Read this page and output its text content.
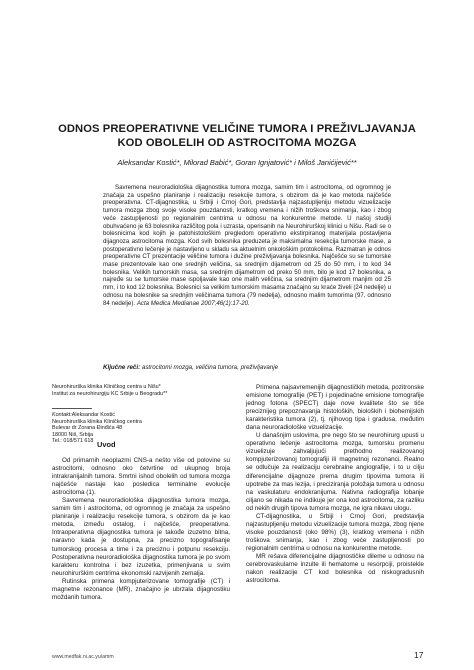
ODNOS PREOPERATIVNE VELIČINE TUMORA I PREŽIVLJAVANJA KOD OBOLELIH OD ASTROCITOMA MOZGA
Aleksandar Kostić*, Milorad Babić*, Goran Ignjatović* i Miloš Janićijević**

Savremena neuroradiološka dijagnostika tumora mozga, samim tim i astrocitoma, od ogromnog je značaja za uspešno planiranje i realizaciju resekcije tumora, s obzirom da je kao metoda najčešće preoperativna. CT-dijagnostika, u Srbiji i Crnoj Gori, predstavlja najzastupljeniju metodu vizuelizacije tumora mozga zbog svoje visoke pouzdanosti, kratkog vremena i nižih troškova snimanja, kao i zbog veće zastupljenosti po regionalnim centrima u odnosu na konkurentne metode. U našoj studiji obuhvaćeno je 63 bolesnika različitog pola i uzrasta, operisanih na Neurohirurškoj klinici u Nišu. Radi se o bolesnicima kod kojih je patohistološkim pregledom operativno ekstirpiranog materijala postavljena dijagnoza astrocitoma mozga. Kod svih bolesnika preduzeta je maksimalna resekcija tumorske mase, a postoperativno lečenje je nastavljeno u skladu sa aktuelnim onkološkim protokolima. Razmatran je odnos preoperativne CT prezentacije veličine tumora i dužine preživljavanja bolesnika. Najčešće su se tumorske mase prezentovale kao one srednjih veličina, sa srednjim dijametrom od 25 do 50 mm, i to kod 34 bolesnika. Velikih tumorskih masa, sa srednjim dijametrom od preko 50 mm, bilo je kod 17 bolesnika, a najređe su se tumorske mase ispoljavale kao one malih veličina, sa srednjim dijametrom manjim od 25 mm, i to kod 12 bolesnika. Bolesnici sa velikim tumorskim masama značajno su kraće živeli (24 nedelje) u odnosu na bolesnike sa srednjim veličinama tumora (79 nedelja), odnosno malim tumorima (97, odnosno 84 nedelje). Acta Medica Medianae 2007;46(1):17-20.

Ključne reči: astrocitomi mozga, veličina tumora, preživljavanje
Neurohirurška klinika Kliničkog centra u Nišu*
Institut za neurohirurgiju KC Srbije u Beogradu**
Kontakt:Aleksandar Kostić
Neurohirurška klinika Kliničkog centra
Bulevar dr Zorana Đinđića 48
18000 Niš, Srbija
Tel.: 018/571 618 Uvod

Od primarnih neoplazmi CNS-a nešto više od polovine su astrocitomi, odnosno oko četvrtine od ukupnog broja intrakranijalnih tumora. Smrtni ishod obolelih od tumora mozga najčešće nastaje kao posledica terminalne evolucije astrocitoma (1).

Savremena neuroradiološka dijagnostika tumora mozga, samim tim i astrocitoma, od ogromnog je značaja za uspešno planiranje i realizaciju resekcije tumora, s obzirom da je kao metoda, između ostalog, i najčešće, preoperativna. Intraoperativna dijagnostika tumora je takođe izuzetno bitna, naravno kada je dostupna, za precizno topografisanje tumorskog procesa a time i za preciznu i potpunu resekciju. Postoperativna neuroradiološka dijagnostika tumora je po svom karakteru kontrolna i bez izuzetka, primenjivana u svim neurohirurškim centrima ekonomski razvijenih zemalja.

Rutinska primena kompjuterizovane tomografije (CT) i magnetne rezonance (MR), značajno je ubrzala dijagnostiku moždanih tumora.

Primena najsavremenijih dijagnostičkih metoda, pozitronske emisione tomografije (PET) i pojedinačne emisione tomografije jednog fotona (SPECT) daje nove kvalitete što se tiče preciznijeg prepoznavanja histoloških, bioloških i biohemijskih karakteristika tumora (2), tj. njihovog tipa i gradusa, međutim dana neuroradiološke vizuelizacije.

U današnjim uslovima, pre nego što se neurohirurg upusti u operativno lečenje astrocitoma mozga, tumorsku promenu vizuelizuje zahvaljujući prethodno realizovanoj kompjuterizovanoj tomografiji ili magnetnoj rezonanci. Realno se odlučuje za realizaciju cerebralne angiografije, i to u cilju diferencijalne dijagnoze prema drugim tipovima tumora ili upotrebe za mas lezija, i preciziranja položaja tumora u odnosu na vaskulaturu endokranijuma. Nativna radiografija lobanje ciljano se nikada ne indikuje jer ona kod astrocitoma, za razliku od nekih drugih tipova tumora mozga, ne igra nikavu ulogu.

CT-dijagnostika, u Srbiji i Crnoj Gori, predstavlja najzastupljeniju metodu vizuelizacije tumora mozga, zbog njene visoke pouzdanosti (oko 98%) (3), kratkog vremena i nižih troškova snimanja, kao i zbog veće zastupljenosti po regionalnim centrima u odnosu na konkurentne metode.

MR rešava diferencijalne dijagnostičke dileme u odnosu na cerebrovaskularne inzulte ili hematome u resorpciji, proistekle nakon realizacije CT kod bolesnika od niskogradusnih astrocitoma.

www.medfak.ni.ac.yu/amm	17
